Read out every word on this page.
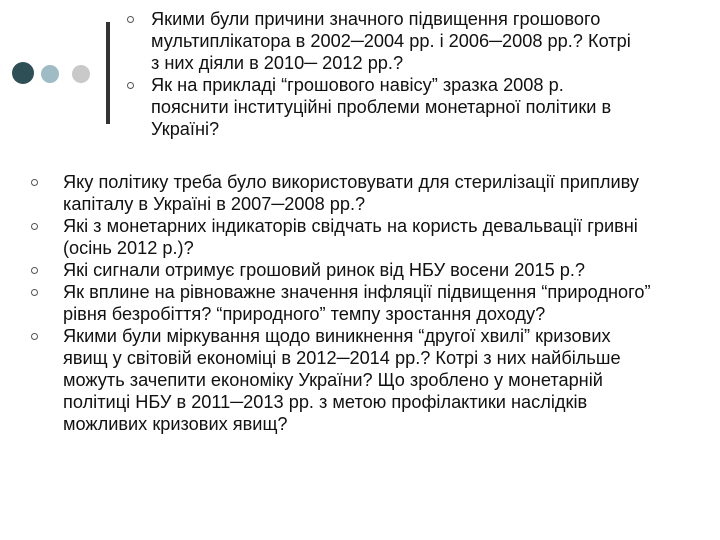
Якими були причини значного підвищення грошового
мультиплікатора в 2002─2004 рр. і 2006─2008 рр.? Котрі
з них діяли в 2010─ 2012 рр.?
Як на прикладі “грошового навісу” зразка 2008 р.
пояснити інституційні проблеми монетарної політики в
Україні?
Яку політику треба було використовувати для стерилізації припливу
капіталу в Україні в 2007─2008 рр.?
Які з монетарних індикаторів свідчать на користь девальвації гривні
(осінь 2012 р.)?
Які сигнали отримує грошовий ринок від НБУ восени 2015 р.?
Як вплине на рівноважне значення інфляції підвищення “природного”
рівня безробіття? “природного” темпу зростання доходу?
Якими були міркування щодо виникнення “другої хвилі” кризових
явищ у світовій економіці в 2012─2014 рр.? Котрі з них найбільше
можуть зачепити економіку України? Що зроблено у монетарній
політиці НБУ в 2011─2013 рр. з метою профілактики наслідків
можливих кризових явищ?
